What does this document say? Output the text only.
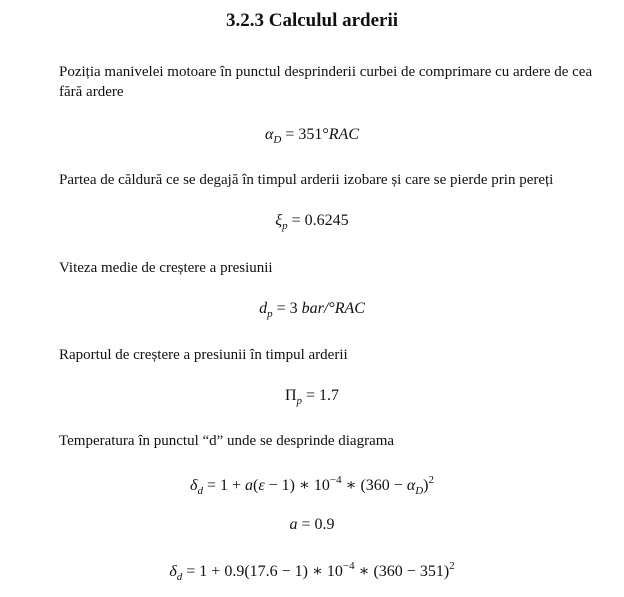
3.2.3 Calculul arderii
Poziția manivelei motoare în punctul desprinderii curbei de comprimare cu ardere de cea fără ardere
$\alpha_D = 351^\circ RAC$
Partea de căldură ce se degajă în timpul arderii izobare și care se pierde prin pereți
$\xi_p = 0.6245$
Viteza medie de creștere a presiunii
$d_p = 3$ bar/°RAC
Raportul de creștere a presiunii în timpul arderii
$\Pi_p = 1.7$
Temperatura în punctul “d” unde se desprinde diagrama
$\delta_d = 1 + a(\varepsilon - 1)$ ∗ $10^{-4}$ ∗ $(360 - \alpha_D)^2$
a = 0.9
$\delta_d = 1 + 0.9(17.6 - 1)$ ∗ $10^{-4}$ ∗ $(360 - 351)^2$
